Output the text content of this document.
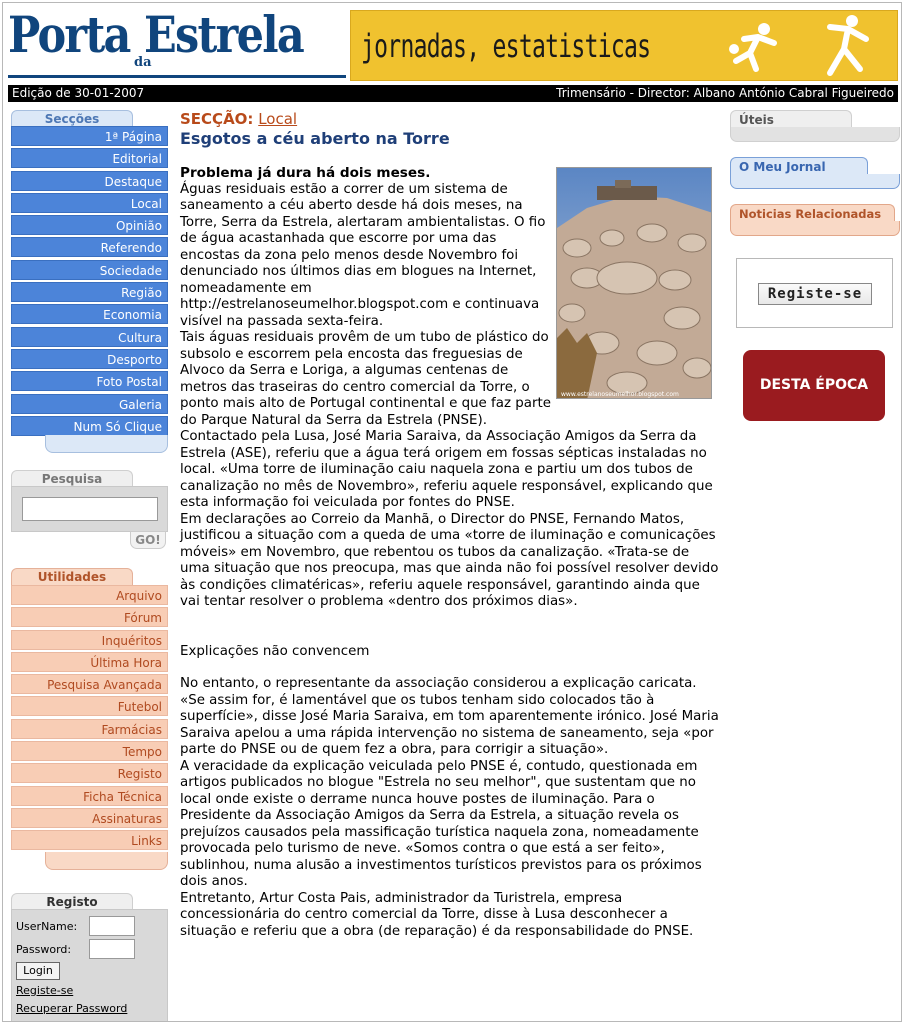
Porta da
Estrela jornadas, estatisticas
Edição de 30-01-2007	Trimensário - Director: Albano António Cabral Figueiredo
Secções
1ª Página
Editorial
Destaque
Local
Opinião
Referendo
Sociedade
Região
Economia
Cultura
Desporto
Foto Postal
Galeria
Num Só Clique
Pesquisa
GO!
Utilidades
Arquivo
Fórum
Inquéritos
Última Hora
Pesquisa Avançada
Futebol
Farmácias
Tempo
Registo
Ficha Técnica
Assinaturas
Links
Registo
UserName:
Password:
Login
Registe-se
Recuperar Password
SECÇÃO: Local
Esgotos a céu aberto na Torre
Problema já dura há dois meses.

Águas residuais estão a correr de um sistema de saneamento a céu aberto desde há dois meses, na Torre, Serra da Estrela, alertaram ambientalistas. O fio de água acastanhada que escorre por uma das encostas da zona pelo menos desde Novembro foi denunciado nos últimos dias em blogues na Internet, nomeadamente em http://estrelanoseumelhor.blogspot.com e continuava visível na passada sexta-feira.

Tais águas residuais provêm de um tubo de plástico do subsolo e escorrem pela encosta das freguesias de Alvoco da Serra e Loriga, a algumas centenas de metros das traseiras do centro comercial da Torre, o ponto mais alto de Portugal continental e que faz parte do Parque Natural da Serra da Estrela (PNSE).

Contactado pela Lusa, José Maria Saraiva, da Associação Amigos da Serra da Estrela (ASE), referiu que a água terá origem em fossas sépticas instaladas no local. «Uma torre de iluminação caiu naquela zona e partiu um dos tubos de canalização no mês de Novembro», referiu aquele responsável, explicando que esta informação foi veiculada por fontes do PNSE.

Em declarações ao Correio da Manhã, o Director do PNSE, Fernando Matos, justificou a situação com a queda de uma «torre de iluminação e comunicações móveis» em Novembro, que rebentou os tubos da canalização. «Trata-se de uma situação que nos preocupa, mas que ainda não foi possível resolver devido às condições climatéricas», referiu aquele responsável, garantindo ainda que vai tentar resolver o problema «dentro dos próximos dias».

Explicações não convencem

No entanto, o representante da associação considerou a explicação caricata. «Se assim for, é lamentável que os tubos tenham sido colocados tão à superfície», disse José Maria Saraiva, em tom aparentemente irónico. José Maria Saraiva apelou a uma rápida intervenção no sistema de saneamento, seja «por parte do PNSE ou de quem fez a obra, para corrigir a situação».

A veracidade da explicação veiculada pelo PNSE é, contudo, questionada em artigos publicados no blogue "Estrela no seu melhor", que sustentam que no local onde existe o derrame nunca houve postes de iluminação. Para o Presidente da Associação Amigos da Serra da Estrela, a situação revela os prejuízos causados pela massificação turística naquela zona, nomeadamente provocada pelo turismo de neve. «Somos contra o que está a ser feito», sublinhou, numa alusão a investimentos turísticos previstos para os próximos dois anos.

Entretanto, Artur Costa Pais, administrador da Turistrela, empresa concessionária do centro comercial da Torre, disse à Lusa desconhecer a situação e referiu que a obra (de reparação) é da responsabilidade do PNSE.

www.estrelanoseumelhor.blogspot.com
Úteis
O Meu Jornal
Noticias Relacionadas
Registe-se
DESTA ÉPOCA
